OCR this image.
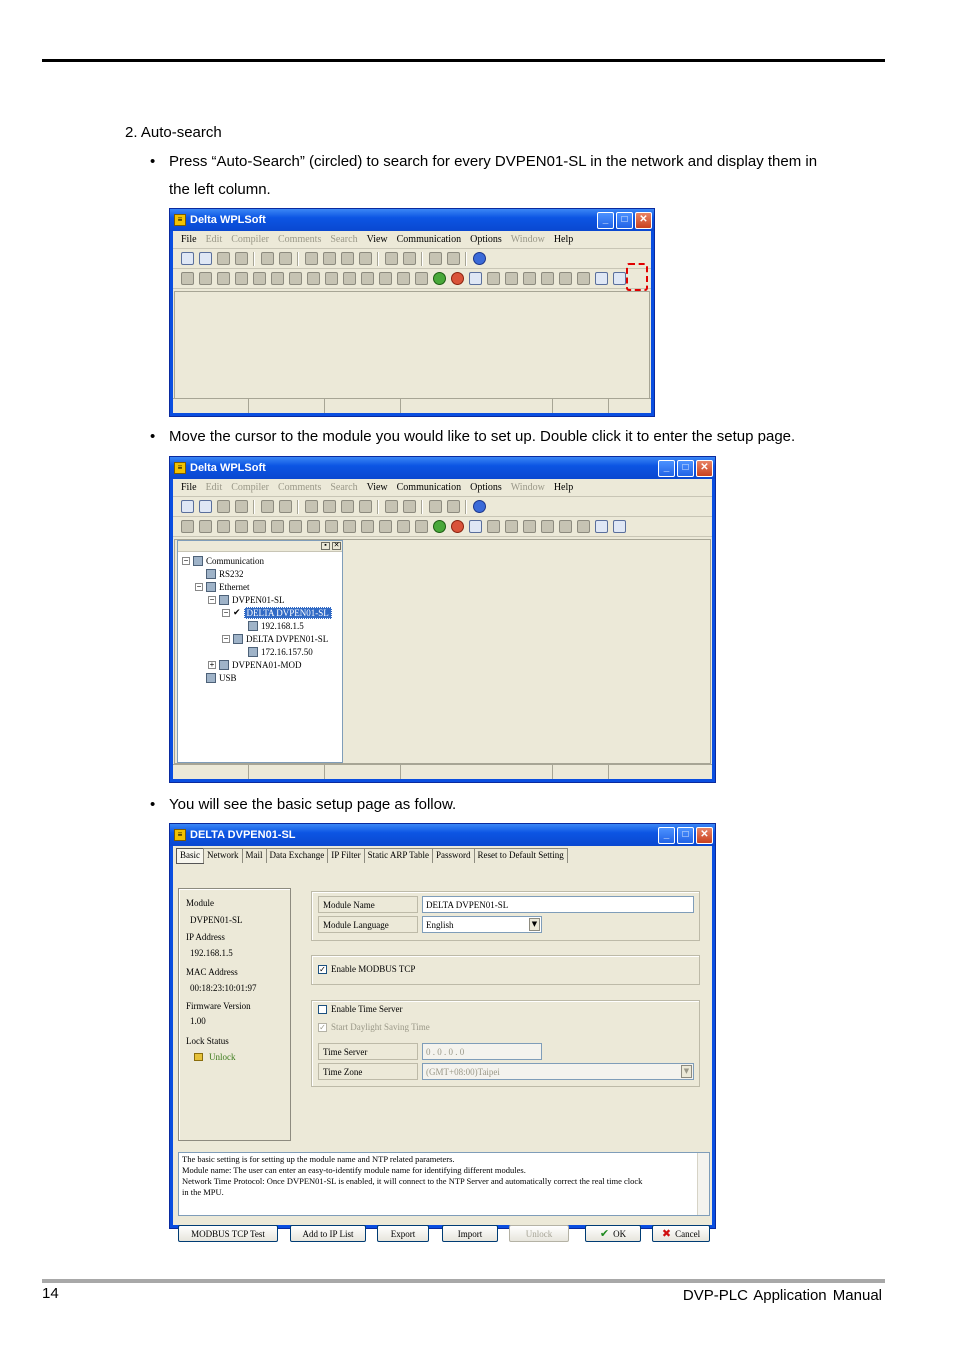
2. Auto-search
• Press “Auto-Search” (circled) to search for every DVPEN01-SL in the network and display them in
the left column.
≡ Delta WPLSoft	_	□	✕
File Edit Compiler Comments Search View Communication Options Window Help
• Move the cursor to the module you would like to set up. Double click it to enter the setup page.
≡ Delta WPLSoft	_	□	✕
File Edit Compiler Comments Search View Communication Options Window Help
▪ ✕
− Communication
RS232
− Ethernet
− DVPEN01-SL
− ✔ DELTA DVPEN01-SL
192.168.1.5
− DELTA DVPEN01-SL
172.16.157.50
+ DVPENA01-MOD
USB
• You will see the basic setup page as follow.
≡ DELTA DVPEN01-SL	_	□	✕
Basic Network Mail Data Exchange IP Filter Static ARP Table Password Reset to Default Setting
Module
DVPEN01-SL
IP Address
192.168.1.5
MAC Address
00:18:23:10:01:97
Firmware Version
1.00
Lock Status
Unlock
Module Name	DELTA DVPEN01-SL
Module Language	English	▼
✓ Enable MODBUS TCP
Enable Time Server
✓ Start Daylight Saving Time
Time Server	0 . 0 . 0 . 0
Time Zone	(GMT+08:00)Taipei	▼
The basic setting is for setting up the module name and NTP related parameters.
Module name: The user can enter an easy-to-identify module name for identifying different modules.
Network Time Protocol: Once DVPEN01-SL is enabled, it will connect to the NTP Server and automatically correct the real time clock
in the MPU.
MODBUS TCP Test	Add to IP List	Export	Import	Unlock	✔ OK	✖ Cancel
14	DVP-PLC Application Manual
